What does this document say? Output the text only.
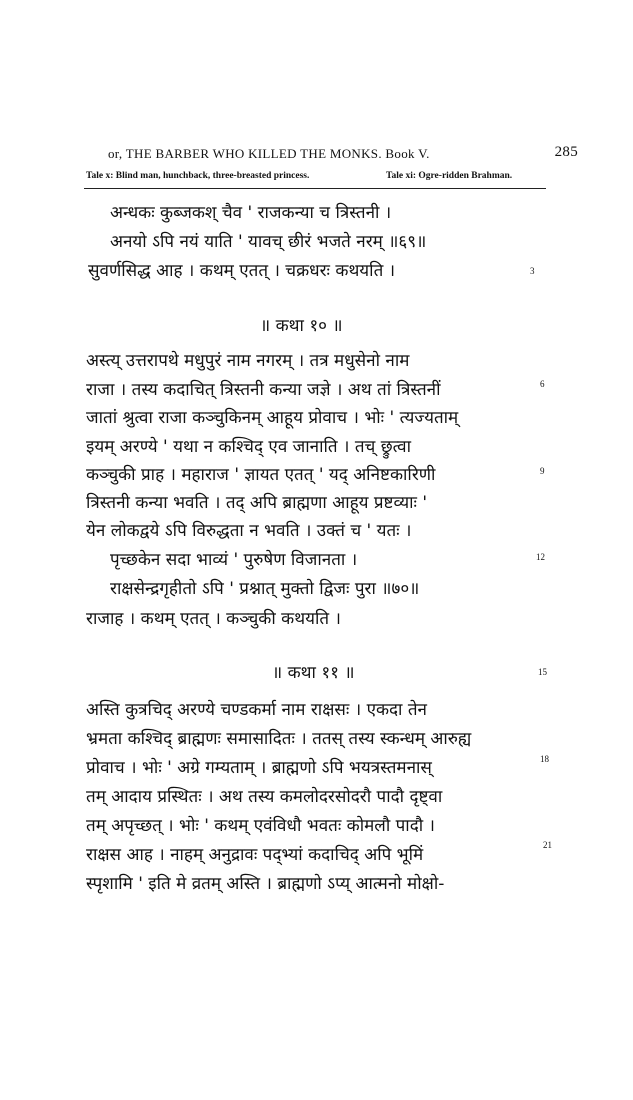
or, THE BARBER WHO KILLED THE MONKS. Book V.	285
Tale x: Blind man, hunchback, three-breasted princess.	Tale xi: Ogre-ridden Brahman.
अन्धकः कुब्जकश् चैव ' राजकन्या च त्रिस्तनी ।
अनयो ऽपि नयं याति ' यावच् छीरं भजते नरम् ॥६९॥
सुवर्णसिद्ध आह । कथम् एतत् । चक्रधरः कथयति ।
॥ कथा १० ॥
अस्त्य् उत्तरापथे मधुपुरं नाम नगरम् । तत्र मधुसेनो नाम
राजा । तस्य कदाचित् त्रिस्तनी कन्या जज्ञे । अथ तां त्रिस्तनीं
जातां श्रुत्वा राजा कञ्चुकिनम् आहूय प्रोवाच । भोः ' त्यज्यताम्
इयम् अरण्ये ' यथा न कश्चिद् एव जानाति । तच् छ्रुत्वा
कञ्चुकी प्राह । महाराज ' ज्ञायत एतत् ' यद् अनिष्टकारिणी
त्रिस्तनी कन्या भवति । तद् अपि ब्राह्मणा आहूय प्रष्टव्याः '
येन लोकद्वये ऽपि विरुद्धता न भवति । उक्तं च ' यतः ।
पृच्छकेन सदा भाव्यं ' पुरुषेण विजानता ।
राक्षसेन्द्रगृहीतो ऽपि ' प्रश्नात् मुक्तो द्विजः पुरा ॥७०॥
राजाह । कथम् एतत् । कञ्चुकी कथयति ।
॥ कथा ११ ॥
अस्ति कुत्रचिद् अरण्ये चण्डकर्मा नाम राक्षसः । एकदा तेन
भ्रमता कश्चिद् ब्राह्मणः समासादितः । ततस् तस्य स्कन्धम् आरुह्य
प्रोवाच । भोः ' अग्रे गम्यताम् । ब्राह्मणो ऽपि भयत्रस्तमनास्
तम् आदाय प्रस्थितः । अथ तस्य कमलोदरसोदरौ पादौ दृष्ट्वा
तम् अपृच्छत् । भोः ' कथम् एवंविधौ भवतः कोमलौ पादौ ।
राक्षस आह । नाहम् अनुद्रावः पद्भ्यां कदाचिद् अपि भूमिं
स्पृशामि ' इति मे व्रतम् अस्ति । ब्राह्मणो ऽप्य् आत्मनो मोक्षो-
3
6
9
12
15
18
21
